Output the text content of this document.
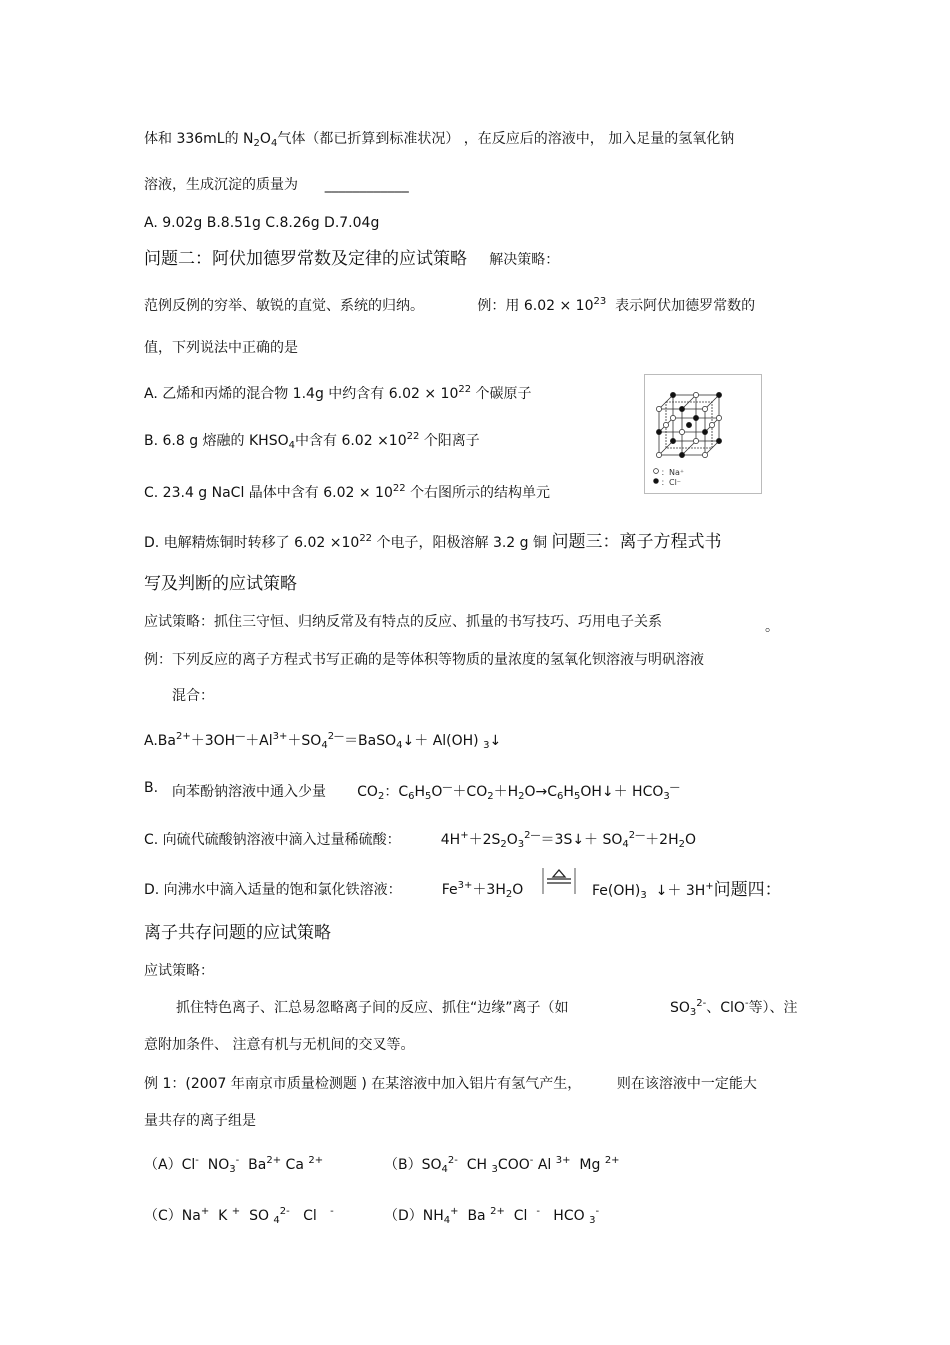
体和 336mL的 $N_2O_4$气体（都已折算到标准状况） ，在反应后的溶液中， 加入足量的氢氧化钠
溶液，生成沉淀的质量为 ____________
A. 9.02g B.8.51g C.8.26g D.7.04g
问题二：阿伏加德罗常数及定律的应试策略 解决策略：
范例反例的穷举、敏锐的直觉、系统的归纳。	例：用 $6.02 \times 10^{23}$ 表示阿伏加德罗常数的
值，下列说法中正确的是
A. 乙烯和丙烯的混合物 1.4g 中约含有 $6.02 \times 10^{22}$ 个碳原子
B. 6.8 g 熔融的 $KHSO_4$中含有 $6.02 \times 10^{22}$ 个阳离子
C. 23.4 g NaCl 晶体中含有 $6.02 \times 10^{22}$ 个右图所示的结构单元
D. 电解精炼铜时转移了 $6.02 \times 10^{22}$ 个电子，阳极溶解 3.2 g 铜 问题三：离子方程式书
写及判断的应试策略
应试策略：抓住三守恒、归纳反常及有特点的反应、抓量的书写技巧、巧用电子关系	。
例：下列反应的离子方程式书写正确的是等体积等物质的量浓度的氢氧化钡溶液与明矾溶液
混合：
$A.Ba^{2+}+3OH^—+Al^{3+}+SO_4^{2—}=BaSO_4↓+ Al(OH)$ $_3$↓
B. 向苯酚钠溶液中通入少量 $CO_2$：$C_6H_5O^—+CO_2+H_2O\to C_6H_5OH↓+ HCO_3^—$
C. 向硫代硫酸钠溶液中滴入过量稀硫酸：	$4H^++2S_2O_3^{2—}=3S↓+ SO_4^{2—}+2H_2O$
D. 向沸水中滴入适量的饱和氯化铁溶液：	$Fe^{3+}+3H_2O$	$Fe(OH)_3$ ↓＋ 3H+问题四：
离子共存问题的应试策略
应试策略：
抓住特色离子、汇总易忽略离子间的反应、抓住“边缘”离子（如	$SO_3^{2-}$、ClO-等）、注
意附加条件、 注意有机与无机间的交叉等。
例 1：(2007 年南京市质量检测题 ) 在某溶液中加入铝片有氢气产生，	则在该溶液中一定能大
量共存的离子组是
（A）Cl- $NO_3^-$ $Ba^{2+}$ Ca $^{2+}$	$(B)SO_4^{2-}$ CH $_3$COO- Al $^{3+}$ Mg $^{2+}$
（C）Na+ K + SO $_4^{2-}$ Cl -	$(D)NH_4^+$ Ba $^{2+}$ Cl - HCO $_3$-
：Na⁺
：Cl⁻
